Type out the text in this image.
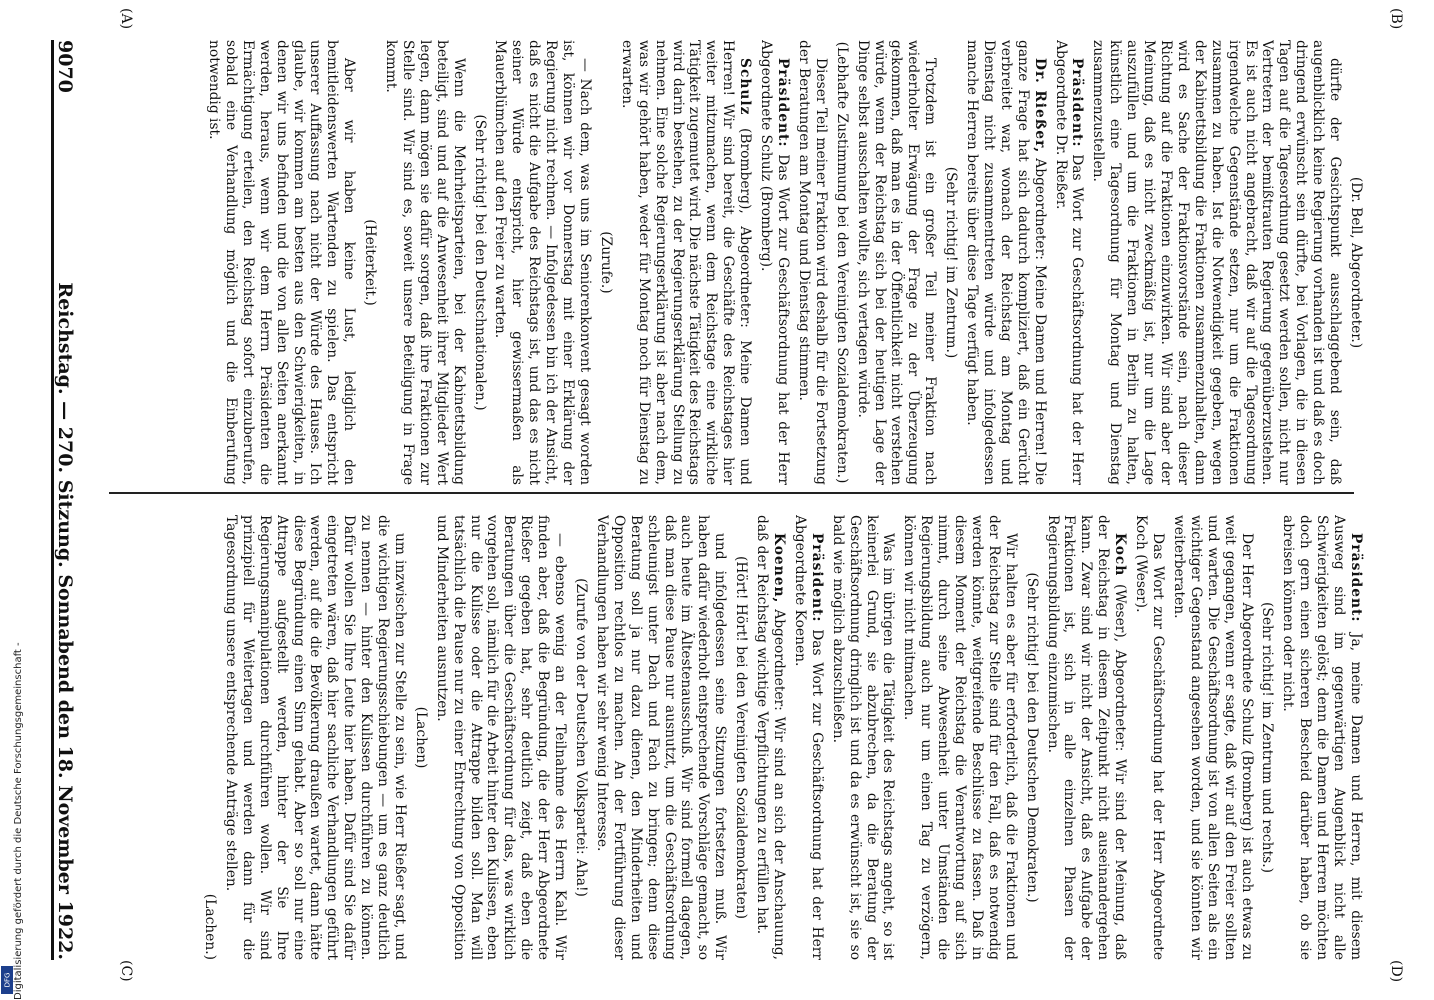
9070
Reichstag. — 270. Sitzung. Sonnabend den 18. November 1922.
(A)	(B)
(C)	(D)

(Dr. Bell, Abgeordneter.)

dürfte der Gesichtspunkt ausschlaggebend sein, daß augenblicklich keine Regierung vorhanden ist und daß es doch dringend erwünscht sein dürfte, bei Vorlagen, die in diesen Tagen auf die Tagesordnung gesetzt werden sollen, nicht nur Vertretern der bemißtrauten Regierung gegenüberzustehen. Es ist auch nicht angebracht, daß wir auf die Tagesordnung irgendwelche Gegenstände setzen, nur um die Fraktionen zusammen zu haben. Ist die Notwendigkeit gegeben, wegen der Kabinettsbildung die Fraktionen zusammenzuhalten, dann wird es Sache der Fraktionsvorstände sein, nach dieser Richtung auf die Fraktionen einzuwirken. Wir sind aber der Meinung, daß es nicht zweckmäßig ist, nur um die Lage auszufüllen und um die Fraktionen in Berlin zu halten, künstlich eine Tagesordnung für Montag und Dienstag zusammenzustellen.

Präsident: Das Wort zur Geschäftsordnung hat der Herr Abgeordnete Dr. Rießer.

Dr. Rießer, Abgeordneter: Meine Damen und Herren! Die ganze Frage hat sich dadurch kompliziert, daß ein Gerücht verbreitet war, wonach der Reichstag am Montag und Dienstag nicht zusammentreten würde und infolgedessen manche Herren bereits über diese Tage verfügt haben.

(Sehr richtig! im Zentrum.)

Trotzdem ist ein großer Teil meiner Fraktion nach wiederholter Erwägung der Frage zu der Überzeugung gekommen, daß man es in der Öffentlichkeit nicht verstehen würde, wenn der Reichstag sich bei der heutigen Lage der Dinge selbst ausschalten wollte, sich vertagen würde.

(Lebhafte Zustimmung bei den Vereinigten Sozialdemokraten.)

Dieser Teil meiner Fraktion wird deshalb für die Fortsetzung der Beratungen am Montag und Dienstag stimmen.

Präsident: Das Wort zur Geschäftsordnung hat der Herr Abgeordnete Schulz (Bromberg).

Schulz (Bromberg), Abgeordneter: Meine Damen und Herren! Wir sind bereit, die Geschäfte des Reichstages hier weiter mitzumachen, wenn dem Reichstage eine wirkliche Tätigkeit zugemutet wird. Die nächste Tätigkeit des Reichstags wird darin bestehen, zu der Regierungserklärung Stellung zu nehmen. Eine solche Regierungserklärung ist aber nach dem, was wir gehört haben, weder für Montag noch für Dienstag zu erwarten.

(Zurufe.)

— Nach dem, was uns im Seniorenkonvent gesagt worden ist, können wir vor Donnerstag mit einer Erklärung der Regierung nicht rechnen. — Infolgedessen bin ich der Ansicht, daß es nicht die Aufgabe des Reichstags ist, und das es nicht seiner Würde entspricht, hier gewissermaßen als Mauerblümchen auf den Freier zu warten.

(Sehr richtig! bei den Deutschnationalen.)

Wenn die Mehrheitsparteien, bei der Kabinettsbildung beteiligt, sind und auf die Anwesenheit ihrer Mitglieder Wert legen, dann mögen sie dafür sorgen, daß ihre Fraktionen zur Stelle sind. Wir sind es, soweit unsere Beteiligung in Frage kommt.

(Heiterkeit.)

Aber wir haben keine Lust, lediglich den bemitleidenswerten Wartenden zu spielen. Das entspricht unserer Auffassung nach nicht der Würde des Hauses. Ich glaube, wir kommen am besten aus den Schwierigkeiten, in denen wir uns befinden und die von allen Seiten anerkannt werden, heraus, wenn wir dem Herrn Präsidenten die Ermächtigung erteilen, den Reichstag sofort einzuberufen, sobald eine Verhandlung möglich und die Einberufung notwendig ist.

Präsident: Ja, meine Damen und Herren, mit diesem Ausweg sind im gegenwärtigen Augenblick nicht alle Schwierigkeiten gelöst; denn die Damen und Herren möchten doch gern einen sicheren Bescheid darüber haben, ob sie abreisen können oder nicht.

(Sehr richtig! im Zentrum und rechts.)

Der Herr Abgeordnete Schulz (Bromberg) ist auch etwas zu weit gegangen, wenn er sagte, daß wir auf den Freier sollten und warten. Die Geschäftsordnung ist von allen Seiten als ein wichtiger Gegenstand angesehen worden, und sie könnten wir weiterberaten.

Das Wort zur Geschäftsordnung hat der Herr Abgeordnete Koch (Weser).

Koch (Weser), Abgeordneter: Wir sind der Meinung, daß der Reichstag in diesem Zeitpunkt nicht auseinandergehen kann. Zwar sind wir nicht der Ansicht, daß es Aufgabe der Fraktionen ist, sich in alle einzelnen Phasen der Regierungsbildung einzumischen.

(Sehr richtig! bei den Deutschen Demokraten.)

Wir halten es aber für erforderlich, daß die Fraktionen und der Reichstag zur Stelle sind für den Fall, daß es notwendig werden könnte, weitgreifende Beschlüsse zu fassen. Daß in diesem Moment der Reichstag die Verantwortung auf sich nimmt, durch seine Abwesenheit unter Umständen die Regierungsbildung auch nur um einen Tag zu verzögern, können wir nicht mitmachen.

Was im übrigen die Tätigkeit des Reichstags angeht, so ist keinerlei Grund, sie abzubrechen, da die Beratung der Geschäftsordnung dringlich ist und da es erwünscht ist, sie so bald wie möglich abzuschließen.

Präsident: Das Wort zur Geschäftsordnung hat der Herr Abgeordnete Koenen.

Koenen, Abgeordneter: Wir sind an sich der Anschauung, daß der Reichstag wichtige Verpflichtungen zu erfüllen hat.

(Hört! Hört! bei den Vereinigten Sozialdemokraten)

und infolgedessen seine Sitzungen fortsetzen muß. Wir haben dafür wiederholt entsprechende Vorschläge gemacht, so auch heute im Ältestenausschuß. Wir sind formell dagegen, daß man diese Pause nur ausnutzt, um die Geschäftsordnung schleunigst unter Dach und Fach zu bringen; denn diese Beratung soll ja nur dazu dienen, den Minderheiten und Opposition rechtlos zu machen. An der Fortführung dieser Verhandlungen haben wir sehr wenig Interesse.

(Zurufe von der Deutschen Volkspartei: Aha!)

— ebenso wenig an der Teilnahme des Herrn Kahl. Wir finden aber, daß die Begründung, die der Herr Abgeordnete Rießer gegeben hat, sehr deutlich zeigt, daß eben die Beratungen über die Geschäftsordnung für das, was wirklich vorgehen soll, nämlich für die Arbeit hinter den Kulissen, eben nur die Kulisse oder die Attrappe bilden soll. Man will tatsächlich die Pause nur zu einer Entrechtung von Opposition und Minderheiten ausnutzen.

(Lachen)

um inzwischen zur Stelle zu sein, wie Herr Rießer sagt, und die wichtigen Regierungsschiebungen — um es ganz deutlich zu nennen — hinter den Kulissen durchführen zu können. Dafür wollen Sie Ihre Leute hier haben. Dafür sind Sie dafür eingetreten wären, daß hier sachliche Verhandlungen geführt werden, auf die die Bevölkerung draußen wartet, dann hätte diese Begründung einen Sinn gehabt. Aber so soll nur eine Attrappe aufgestellt werden, hinter der Sie Ihre Regierungsmanipulationen durchführen wollen. Wir sind prinzipiell für Weitertagen und werden dann für die Tagesordnung unsere entsprechende Anträge stellen.

(Lachen.)

Digitalisierung gefördert durch die Deutsche Forschungsgemeinschaft -
DFG
